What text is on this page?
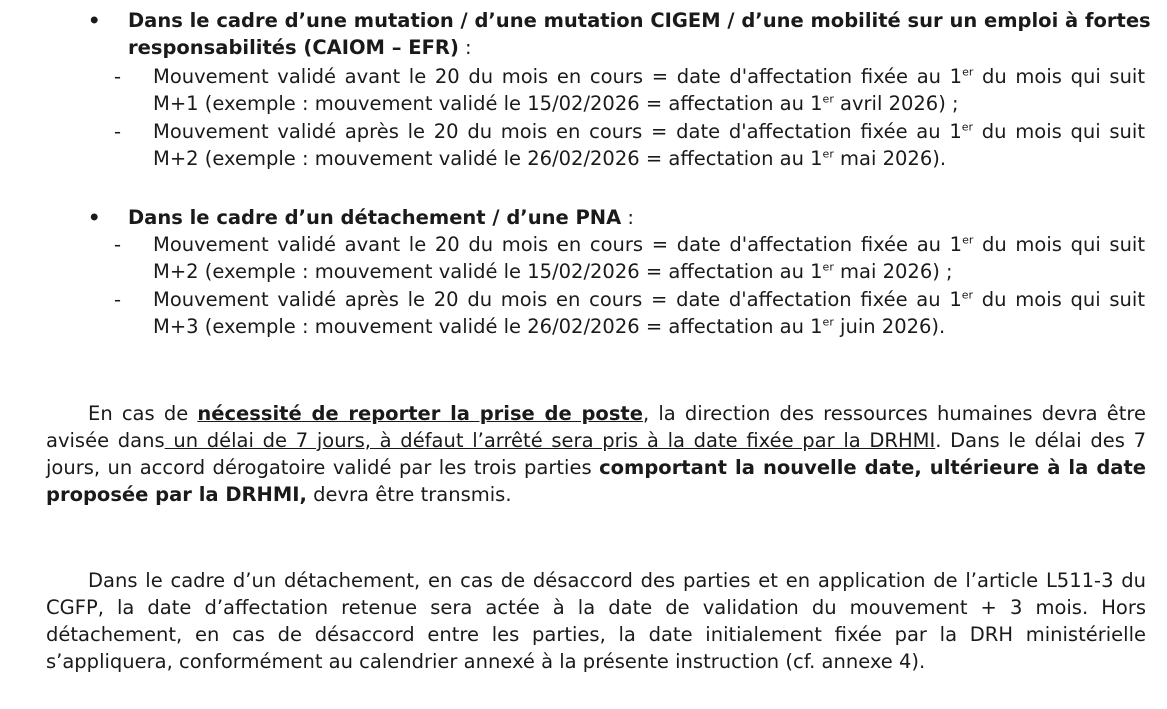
• Dans le cadre d’une mutation / d’une mutation CIGEM / d’une mobilité sur un emploi à fortes responsabilités (CAIOM – EFR) :
- Mouvement validé avant le 20 du mois en cours = date d'affectation fixée au 1er du mois qui suit M+1 (exemple : mouvement validé le 15/02/2026 = affectation au 1er avril 2026) ;
- Mouvement validé après le 20 du mois en cours = date d'affectation fixée au 1er du mois qui suit M+2 (exemple : mouvement validé le 26/02/2026 = affectation au 1er mai 2026).
• Dans le cadre d’un détachement / d’une PNA :
- Mouvement validé avant le 20 du mois en cours = date d'affectation fixée au 1er du mois qui suit M+2 (exemple : mouvement validé le 15/02/2026 = affectation au 1er mai 2026) ;
- Mouvement validé après le 20 du mois en cours = date d'affectation fixée au 1er du mois qui suit M+3 (exemple : mouvement validé le 26/02/2026 = affectation au 1er juin 2026).
En cas de nécessité de reporter la prise de poste, la direction des ressources humaines devra être avisée dans un délai de 7 jours, à défaut l’arrêté sera pris à la date fixée par la DRHMI. Dans le délai des 7 jours, un accord dérogatoire validé par les trois parties comportant la nouvelle date, ultérieure à la date proposée par la DRHMI, devra être transmis.
Dans le cadre d’un détachement, en cas de désaccord des parties et en application de l’article L511-3 du CGFP, la date d’affectation retenue sera actée à la date de validation du mouvement + 3 mois. Hors détachement, en cas de désaccord entre les parties, la date initialement fixée par la DRH ministérielle s’appliquera, conformément au calendrier annexé à la présente instruction (cf. annexe 4).
